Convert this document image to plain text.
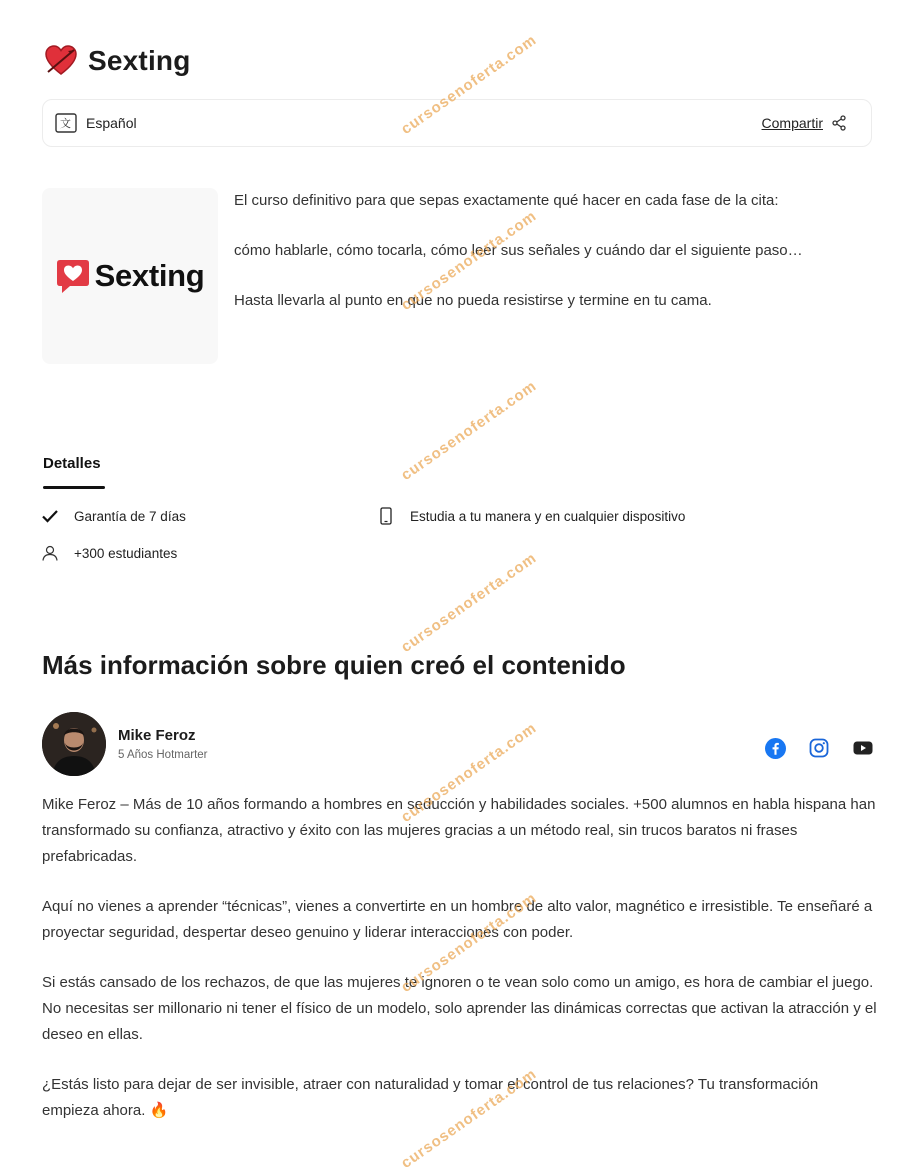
Sexting
文 Español	Compartir
Sexting

El curso definitivo para que sepas exactamente qué hacer en cada fase de la cita:

cómo hablarle, cómo tocarla, cómo leer sus señales y cuándo dar el siguiente paso…

Hasta llevarla al punto en que no pueda resistirse y termine en tu cama.

Detalles
Garantía de 7 días	Estudia a tu manera y en cualquier dispositivo
+300 estudiantes
Más información sobre quien creó el contenido
Mike Feroz
5 Años Hotmarter

Mike Feroz – Más de 10 años formando a hombres en seducción y habilidades sociales. +500 alumnos en habla hispana han transformado su confianza, atractivo y éxito con las mujeres gracias a un método real, sin trucos baratos ni frases prefabricadas.

Aquí no vienes a aprender “técnicas”, vienes a convertirte en un hombre de alto valor, magnético e irresistible. Te enseñaré a proyectar seguridad, despertar deseo genuino y liderar interacciones con poder.

Si estás cansado de los rechazos, de que las mujeres te ignoren o te vean solo como un amigo, es hora de cambiar el juego. No necesitas ser millonario ni tener el físico de un modelo, solo aprender las dinámicas correctas que activan la atracción y el deseo en ellas.

¿Estás listo para dejar de ser invisible, atraer con naturalidad y tomar el control de tus relaciones? Tu transformación empieza ahora. 🔥

cursosenoferta.com
cursosenoferta.com
cursosenoferta.com
cursosenoferta.com
cursosenoferta.com
cursosenoferta.com
cursosenoferta.com
